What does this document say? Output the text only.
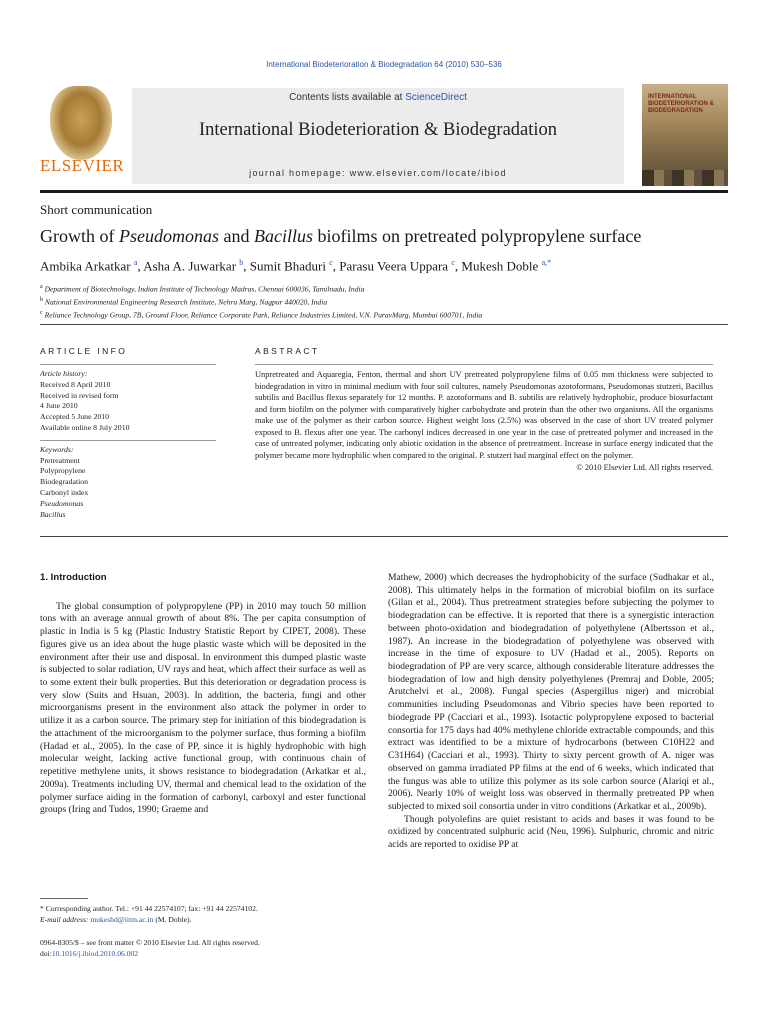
International Biodeterioration & Biodegradation 64 (2010) 530–536
ELSEVIER
Contents lists available at ScienceDirect
International Biodeterioration & Biodegradation
journal homepage: www.elsevier.com/locate/ibiod
INTERNATIONAL BIODETERIORATION & BIODEGRADATION
Short communication
Growth of Pseudomonas and Bacillus biofilms on pretreated polypropylene surface
Ambika Arkatkar $^a$, Asha A. Juwarkar $^b$, Sumit Bhaduri $^c$, Parasu Veera Uppara $^c$, Mukesh Doble $^{a,*}$
$^a$ Department of Biotechnology, Indian Institute of Technology Madras, Chennai 600036, Tamilnadu, India
$^b$ National Environmental Engineering Research Institute, Nehru Marg, Nagpur 440020, India
$^c$ Reliance Technology Group, 7B, Ground Floor, Reliance Corporate Park, Reliance Industries Limited, V.N. PuravMarg, Mumbai 600701, India
ARTICLE INFO
Article history:
Received 8 April 2010
Received in revised form
4 June 2010
Accepted 5 June 2010
Available online 8 July 2010
Keywords:
Pretreatment
Polypropylene
Biodegradation
Carbonyl index
Pseudomonas
Bacillus
ABSTRACT

Unpretreated and Aquaregia, Fenton, thermal and short UV pretreated polypropylene films of 0.05 mm thickness were subjected to biodegradation in vitro in minimal medium with four soil cultures, namely Pseudomonas azotoformans, Pseudomonas stutzeri, Bacillus subtilis and Bacillus flexus separately for 12 months. P. azotoformans and B. subtilis are relatively hydrophobic, produce biosurfactant and form biofilm on the polymer with comparatively higher carbohydrate and protein than the other two organisms. All the organisms make use of the polymer as their carbon source. Highest weight loss (2.5%) was observed in the case of short UV treated polymer exposed to B. flexus after one year. The carbonyl indices decreased in one year in the case of pretreated polymer and increased in the case of untreated polymer, indicating only abiotic oxidation in the absence of pretreatment. Increase in surface energy indicated that the polymer became more hydrophilic when compared to the original. P. stutzeri had marginal effect on the polymer.

© 2010 Elsevier Ltd. All rights reserved.
1. Introduction

The global consumption of polypropylene (PP) in 2010 may touch 50 million tons with an average annual growth of about 8%. The per capita consumption of plastic in India is 5 kg (Plastic Industry Statistic Report by CIPET, 2008). These figures give us an idea about the huge plastic waste which will be deposited in the environment after their use and disposal. In environment this dumped plastic waste is subjected to solar radiation, UV rays and heat, which affect their surface as well as to some extent their bulk properties. But this deterioration or degradation process is very slow (Suits and Hsuan, 2003). In addition, the bacteria, fungi and other microorganisms present in the environment also attack the polymer in order to utilize it as a carbon source. The primary step for initiation of this biodegradation is the attachment of the microorganism to the polymer surface, thus forming a biofilm (Hadad et al., 2005). In the case of PP, since it is highly hydrophobic with high molecular weight, lacking active functional group, with continuous chain of repetitive methylene units, it shows resistance to biodegradation (Arkatkar et al., 2009a). Treatments including UV, thermal and chemical lead to the oxidation of the polymer surface aiding in the formation of carbonyl, carboxyl and ester functional groups (Iring and Tudos, 1990; Graeme and

Mathew, 2000) which decreases the hydrophobicity of the surface (Sudhakar et al., 2008). This ultimately helps in the formation of microbial biofilm on its surface (Gilan et al., 2004). Thus pretreatment strategies before subjecting the polymer to biodegradation can be effective. It is reported that there is a synergistic interaction between photo-oxidation and biodegradation of polyethylene (Albertsson et al., 1987). An increase in the biodegradation of polyethylene was observed with increase in the time of exposure to UV (Hadad et al., 2005). Reports on biodegradation of PP are very scarce, although considerable literature addresses the biodegradation of low and high density polyethylenes (Premraj and Doble, 2005; Arutchelvi et al., 2008). Fungal species (Aspergillus niger) and microbial communities including Pseudomonas and Vibrio species have been reported to biodegrade PP (Cacciari et al., 1993). Isotactic polypropylene exposed to bacterial consortia for 175 days had 40% methylene chloride extractable compounds, and this extract was identified to be a mixture of hydrocarbons (between C10H22 and C31H64) (Cacciari et al., 1993). Thirty to sixty percent growth of A. niger was observed on gamma irradiated PP films at the end of 6 weeks, which indicated that the fungus was able to utilize this polymer as its sole carbon source (Alariqi et al., 2006). Nearly 10% of weight loss was observed in thermally pretreated PP when subjected to mixed soil consortia under in vitro conditions (Arkatkar et al., 2009b).

Though polyolefins are quiet resistant to acids and bases it was found to be oxidized by concentrated sulphuric acid (Neu, 1996). Sulphuric, chromic and nitric acids are reported to oxidise PP at

* Corresponding author. Tel.: +91 44 22574107; fax: +91 44 22574102.
E-mail address: mukeshd@iitm.ac.in (M. Doble).
0964-8305/$ – see front matter © 2010 Elsevier Ltd. All rights reserved.
doi:10.1016/j.ibiod.2010.06.002
